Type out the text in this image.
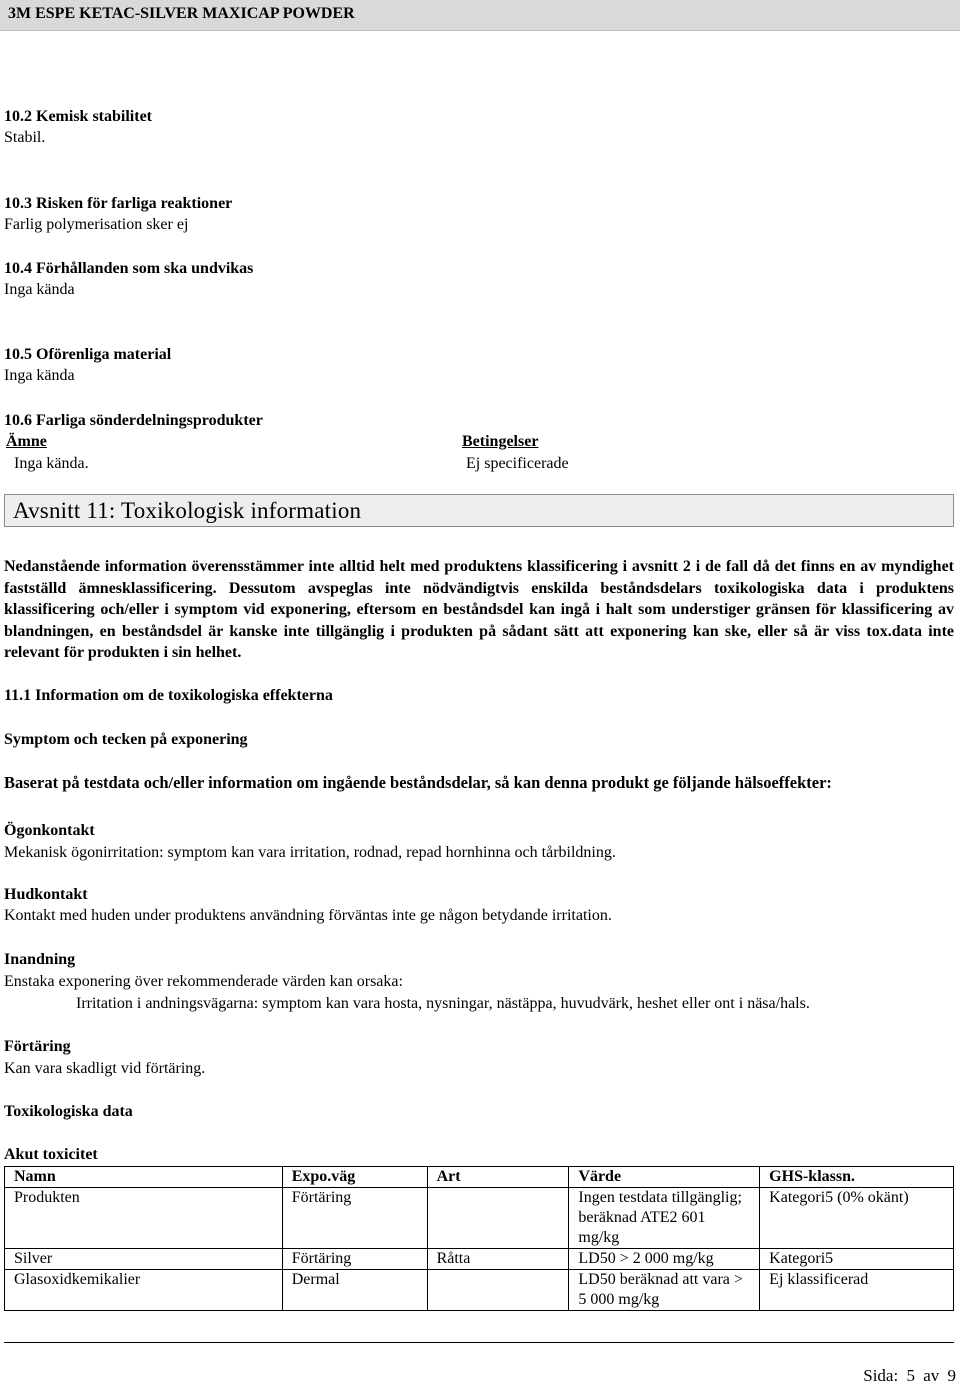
3M ESPE KETAC-SILVER MAXICAP POWDER
10.2 Kemisk stabilitet
Stabil.
10.3 Risken för farliga reaktioner
Farlig polymerisation sker ej
10.4 Förhållanden som ska undvikas
Inga kända
10.5 Oförenliga material
Inga kända
10.6 Farliga sönderdelningsprodukter
Ämne	Betingelser
Inga kända.	Ej specificerade
Avsnitt 11: Toxikologisk information
Nedanstående information överensstämmer inte alltid helt med produktens klassificering i avsnitt 2 i de fall då det finns en av myndighet fastställd ämnesklassificering. Dessutom avspeglas inte nödvändigtvis enskilda beståndsdelars toxikologiska data i produktens klassificering och/eller i symptom vid exponering, eftersom en beståndsdel kan ingå i halt som understiger gränsen för klassificering av blandningen, en beståndsdel är kanske inte tillgänglig i produkten på sådant sätt att exponering kan ske, eller så är viss tox.data inte relevant för produkten i sin helhet.
11.1 Information om de toxikologiska effekterna
Symptom och tecken på exponering
Baserat på testdata och/eller information om ingående beståndsdelar, så kan denna produkt ge följande hälsoeffekter:
Ögonkontakt
Mekanisk ögonirritation: symptom kan vara irritation, rodnad, repad hornhinna och tårbildning.
Hudkontakt
Kontakt med huden under produktens användning förväntas inte ge någon betydande irritation.
Inandning
Enstaka exponering över rekommenderade värden kan orsaka:
Irritation i andningsvägarna: symptom kan vara hosta, nysningar, nästäppa, huvudvärk, heshet eller ont i näsa/hals.
Förtäring
Kan vara skadligt vid förtäring.
Toxikologiska data
Akut toxicitet
Namn	Expo.väg	Art	Värde	GHS-klassn.
Produkten	Förtäring		Ingen testdata tillgänglig; beräknad ATE2 601 mg/kg	Kategori5 (0% okänt)
Silver	Förtäring	Råtta	LD50 > 2 000 mg/kg	Kategori5
Glasoxidkemikalier	Dermal		LD50 beräknad att vara > 5 000 mg/kg	Ej klassificerad
Sida: 5 av 9
